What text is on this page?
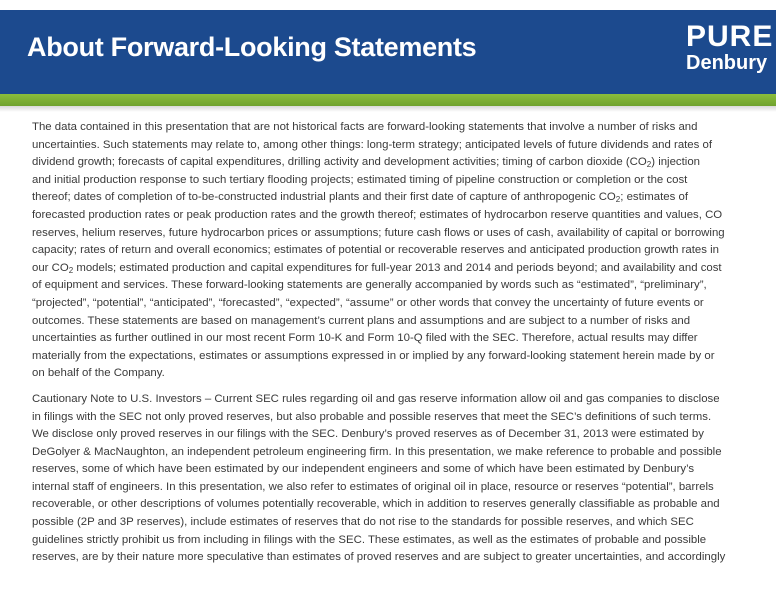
About Forward-Looking Statements	PURE
Denbury
The data contained in this presentation that are not historical facts are forward-looking statements that involve a number of risks and
uncertainties. Such statements may relate to, among other things: long-term strategy; anticipated levels of future dividends and rates of
dividend growth; forecasts of capital expenditures, drilling activity and development activities; timing of carbon dioxide $(CO_2)$ injection
and initial production response to such tertiary flooding projects; estimated timing of pipeline construction or completion or the cost
thereof; dates of completion of to-be-constructed industrial plants and their first date of capture of anthropogenic $CO_2$; estimates of
forecasted production rates or peak production rates and the growth thereof; estimates of hydrocarbon reserve quantities and values, CO
reserves, helium reserves, future hydrocarbon prices or assumptions; future cash flows or uses of cash, availability of capital or borrowing
capacity; rates of return and overall economics; estimates of potential or recoverable reserves and anticipated production growth rates in
our $CO_2$ models; estimated production and capital expenditures for full-year 2013 and 2014 and periods beyond; and availability and cost
of equipment and services. These forward-looking statements are generally accompanied by words such as “estimated”, “preliminary”,
“projected”, “potential”, “anticipated”, “forecasted”, “expected”, “assume” or other words that convey the uncertainty of future events or
outcomes. These statements are based on management’s current plans and assumptions and are subject to a number of risks and
uncertainties as further outlined in our most recent Form 10-K and Form 10-Q filed with the SEC. Therefore, actual results may differ
materially from the expectations, estimates or assumptions expressed in or implied by any forward-looking statement herein made by or
on behalf of the Company.
Cautionary Note to U.S. Investors – Current SEC rules regarding oil and gas reserve information allow oil and gas companies to disclose
in filings with the SEC not only proved reserves, but also probable and possible reserves that meet the SEC’s definitions of such terms.
We disclose only proved reserves in our filings with the SEC. Denbury’s proved reserves as of December 31, 2013 were estimated by
DeGolyer & MacNaughton, an independent petroleum engineering firm. In this presentation, we make reference to probable and possible
reserves, some of which have been estimated by our independent engineers and some of which have been estimated by Denbury’s
internal staff of engineers. In this presentation, we also refer to estimates of original oil in place, resource or reserves “potential”, barrels
recoverable, or other descriptions of volumes potentially recoverable, which in addition to reserves generally classifiable as probable and
possible (2P and 3P reserves), include estimates of reserves that do not rise to the standards for possible reserves, and which SEC
guidelines strictly prohibit us from including in filings with the SEC. These estimates, as well as the estimates of probable and possible
reserves, are by their nature more speculative than estimates of proved reserves and are subject to greater uncertainties, and accordingly
